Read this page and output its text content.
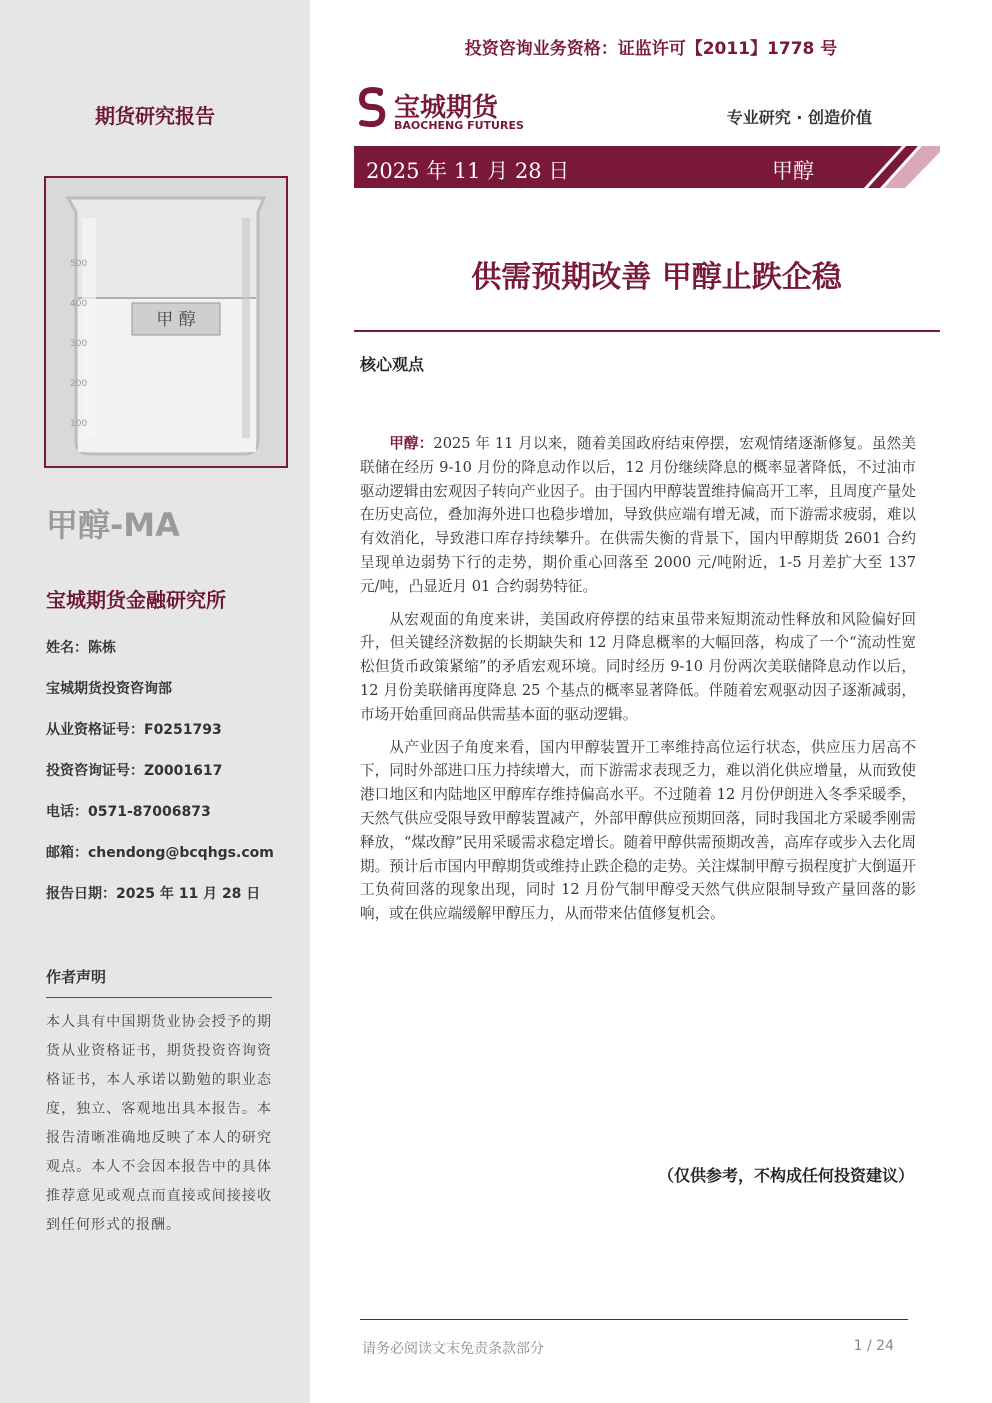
期货研究报告
甲 醇
500
400
300
200
100
甲醇-MA
宝城期货金融研究所
姓名：陈栋
宝城期货投资咨询部
从业资格证号：F0251793
投资咨询证号：Z0001617
电话：0571-87006873
邮箱：chendong@bcqhgs.com
报告日期：2025 年 11 月 28 日
作者声明
本人具有中国期货业协会授予的期货从业资格证书，期货投资咨询资格证书，本人承诺以勤勉的职业态度，独立、客观地出具本报告。本报告清晰准确地反映了本人的研究观点。本人不会因本报告中的具体推荐意见或观点而直接或间接接收到任何形式的报酬。
投资咨询业务资格：证监许可【2011】1778 号
宝城期货
BAOCHENG FUTURES	专业研究 · 创造价值
2025 年 11 月 28 日	甲醇
供需预期改善 甲醇止跌企稳
核心观点

甲醇：2025 年 11 月以来，随着美国政府结束停摆，宏观情绪逐渐修复。虽然美联储在经历 9-10 月份的降息动作以后，12 月份继续降息的概率显著降低，不过油市驱动逻辑由宏观因子转向产业因子。由于国内甲醇装置维持偏高开工率，且周度产量处在历史高位，叠加海外进口也稳步增加，导致供应端有增无减，而下游需求疲弱，难以有效消化，导致港口库存持续攀升。在供需失衡的背景下，国内甲醇期货 2601 合约呈现单边弱势下行的走势，期价重心回落至 2000 元/吨附近，1-5 月差扩大至 137 元/吨，凸显近月 01 合约弱势特征。

从宏观面的角度来讲，美国政府停摆的结束虽带来短期流动性释放和风险偏好回升，但关键经济数据的长期缺失和 12 月降息概率的大幅回落，构成了一个“流动性宽松但货币政策紧缩”的矛盾宏观环境。同时经历 9-10 月份两次美联储降息动作以后，12 月份美联储再度降息 25 个基点的概率显著降低。伴随着宏观驱动因子逐渐减弱，市场开始重回商品供需基本面的驱动逻辑。

从产业因子角度来看，国内甲醇装置开工率维持高位运行状态，供应压力居高不下，同时外部进口压力持续增大，而下游需求表现乏力，难以消化供应增量，从而致使港口地区和内陆地区甲醇库存维持偏高水平。不过随着 12 月份伊朗进入冬季采暖季，天然气供应受限导致甲醇装置减产，外部甲醇供应预期回落，同时我国北方采暖季刚需释放，“煤改醇”民用采暖需求稳定增长。随着甲醇供需预期改善，高库存或步入去化周期。预计后市国内甲醇期货或维持止跌企稳的走势。关注煤制甲醇亏损程度扩大倒逼开工负荷回落的现象出现，同时 12 月份气制甲醇受天然气供应限制导致产量回落的影响，或在供应端缓解甲醇压力，从而带来估值修复机会。

（仅供参考，不构成任何投资建议）
请务必阅读文末免责条款部分	1 / 24
